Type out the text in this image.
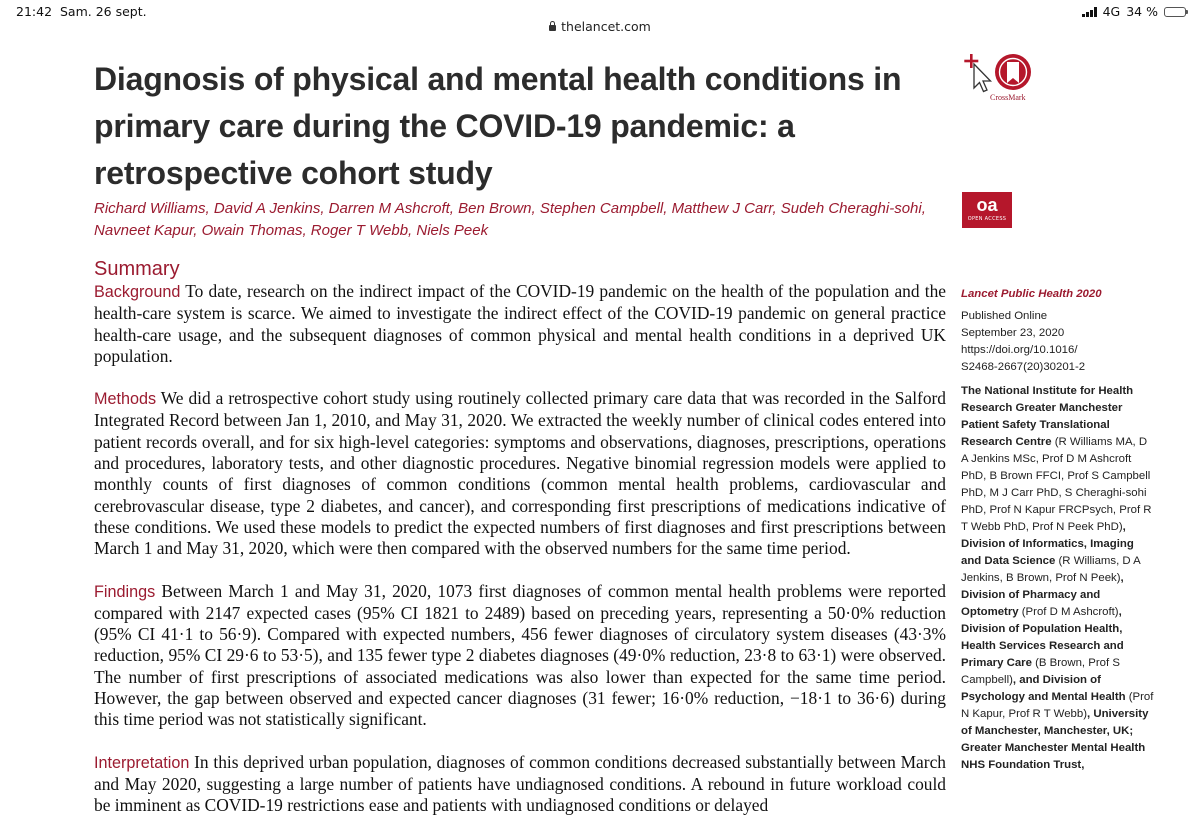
21:42 Sam. 26 sept.
thelancet.com
4G 34 %
Diagnosis of physical and mental health conditions in primary care during the COVID-19 pandemic: a retrospective cohort study
CrossMark
oa
OPEN ACCESS
Richard Williams, David A Jenkins, Darren M Ashcroft, Ben Brown, Stephen Campbell, Matthew J Carr, Sudeh Cheraghi-sohi, Navneet Kapur, Owain Thomas, Roger T Webb, Niels Peek
Summary

Background To date, research on the indirect impact of the COVID-19 pandemic on the health of the population and the health-care system is scarce. We aimed to investigate the indirect effect of the COVID-19 pandemic on general practice health-care usage, and the subsequent diagnoses of common physical and mental health conditions in a deprived UK population.

Methods We did a retrospective cohort study using routinely collected primary care data that was recorded in the Salford Integrated Record between Jan 1, 2010, and May 31, 2020. We extracted the weekly number of clinical codes entered into patient records overall, and for six high-level categories: symptoms and observations, diagnoses, prescriptions, operations and procedures, laboratory tests, and other diagnostic procedures. Negative binomial regression models were applied to monthly counts of first diagnoses of common conditions (common mental health problems, cardiovascular and cerebrovascular disease, type 2 diabetes, and cancer), and corresponding first prescriptions of medications indicative of these conditions. We used these models to predict the expected numbers of first diagnoses and first prescriptions between March 1 and May 31, 2020, which were then compared with the observed numbers for the same time period.

Findings Between March 1 and May 31, 2020, 1073 first diagnoses of common mental health problems were reported compared with 2147 expected cases (95% CI 1821 to 2489) based on preceding years, representing a 50·0% reduction (95% CI 41·1 to 56·9). Compared with expected numbers, 456 fewer diagnoses of circulatory system diseases (43·3% reduction, 95% CI 29·6 to 53·5), and 135 fewer type 2 diabetes diagnoses (49·0% reduction, 23·8 to 63·1) were observed. The number of first prescriptions of associated medications was also lower than expected for the same time period. However, the gap between observed and expected cancer diagnoses (31 fewer; 16·0% reduction, −18·1 to 36·6) during this time period was not statistically significant.

Interpretation In this deprived urban population, diagnoses of common conditions decreased substantially between March and May 2020, suggesting a large number of patients have undiagnosed conditions. A rebound in future workload could be imminent as COVID-19 restrictions ease and patients with undiagnosed conditions or delayed

Lancet Public Health 2020
Published Online
September 23, 2020
https://doi.org/10.1016/
S2468-2667(20)30201-2
The National Institute for Health Research Greater Manchester Patient Safety Translational Research Centre (R Williams MA, D A Jenkins MSc, Prof D M Ashcroft PhD, B Brown FFCI, Prof S Campbell PhD, M J Carr PhD, S Cheraghi-sohi PhD, Prof N Kapur FRCPsych, Prof R T Webb PhD, Prof N Peek PhD), Division of Informatics, Imaging and Data Science (R Williams, D A Jenkins, B Brown, Prof N Peek), Division of Pharmacy and Optometry (Prof D M Ashcroft), Division of Population Health, Health Services Research and Primary Care (B Brown, Prof S Campbell), and Division of Psychology and Mental Health (Prof N Kapur, Prof R T Webb), University of Manchester, Manchester, UK; Greater Manchester Mental Health NHS Foundation Trust,
